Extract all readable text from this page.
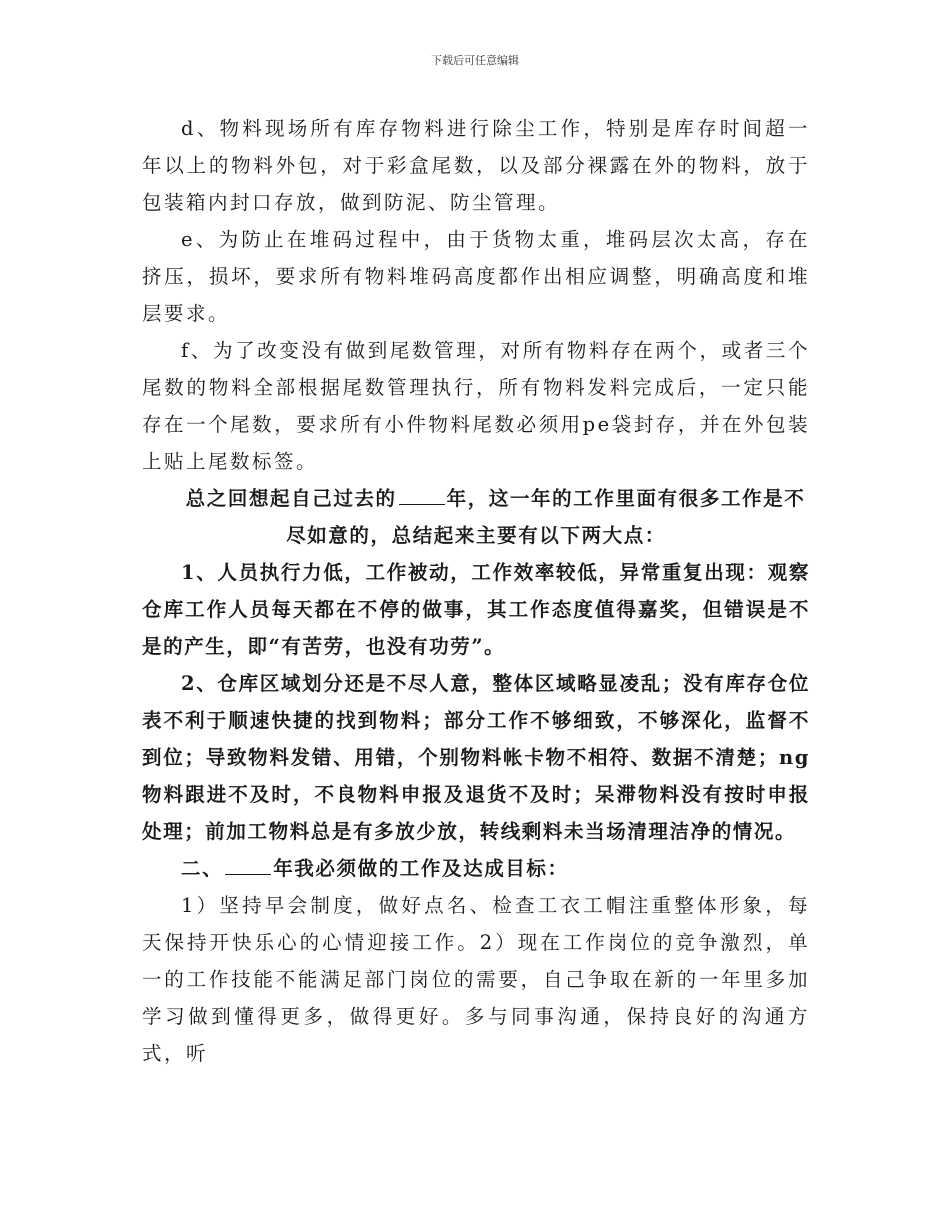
下载后可任意编辑

d、物料现场所有库存物料进行除尘工作，特别是库存时间超一年以上的物料外包，对于彩盒尾数，以及部分裸露在外的物料，放于包装箱内封口存放，做到防泥、防尘管理。

e、为防止在堆码过程中，由于货物太重，堆码层次太高，存在挤压，损坏，要求所有物料堆码高度都作出相应调整，明确高度和堆层要求。

f、为了改变没有做到尾数管理，对所有物料存在两个，或者三个尾数的物料全部根据尾数管理执行，所有物料发料完成后，一定只能存在一个尾数，要求所有小件物料尾数必须用pe袋封存，并在外包装上贴上尾数标签。

总之回想起自己过去的	年，这一年的工作里面有很多工作是不尽如意的，总结起来主要有以下两大点：

1、人员执行力低，工作被动，工作效率较低，异常重复出现：观察仓库工作人员每天都在不停的做事，其工作态度值得嘉奖，但错误是不是的产生，即“有苦劳，也没有功劳”。

2、仓库区域划分还是不尽人意，整体区域略显凌乱；没有库存仓位表不利于顺速快捷的找到物料；部分工作不够细致，不够深化，监督不到位；导致物料发错、用错，个别物料帐卡物不相符、数据不清楚；ng物料跟进不及时，不良物料申报及退货不及时；呆滞物料没有按时申报处理；前加工物料总是有多放少放，转线剩料未当场清理洁净的情况。

二、	年我必须做的工作及达成目标：

1）坚持早会制度，做好点名、检查工衣工帽注重整体形象，每天保持开快乐心的心情迎接工作。2）现在工作岗位的竞争激烈，单一的工作技能不能满足部门岗位的需要，自己争取在新的一年里多加学习做到懂得更多，做得更好。多与同事沟通，保持良好的沟通方式，听
